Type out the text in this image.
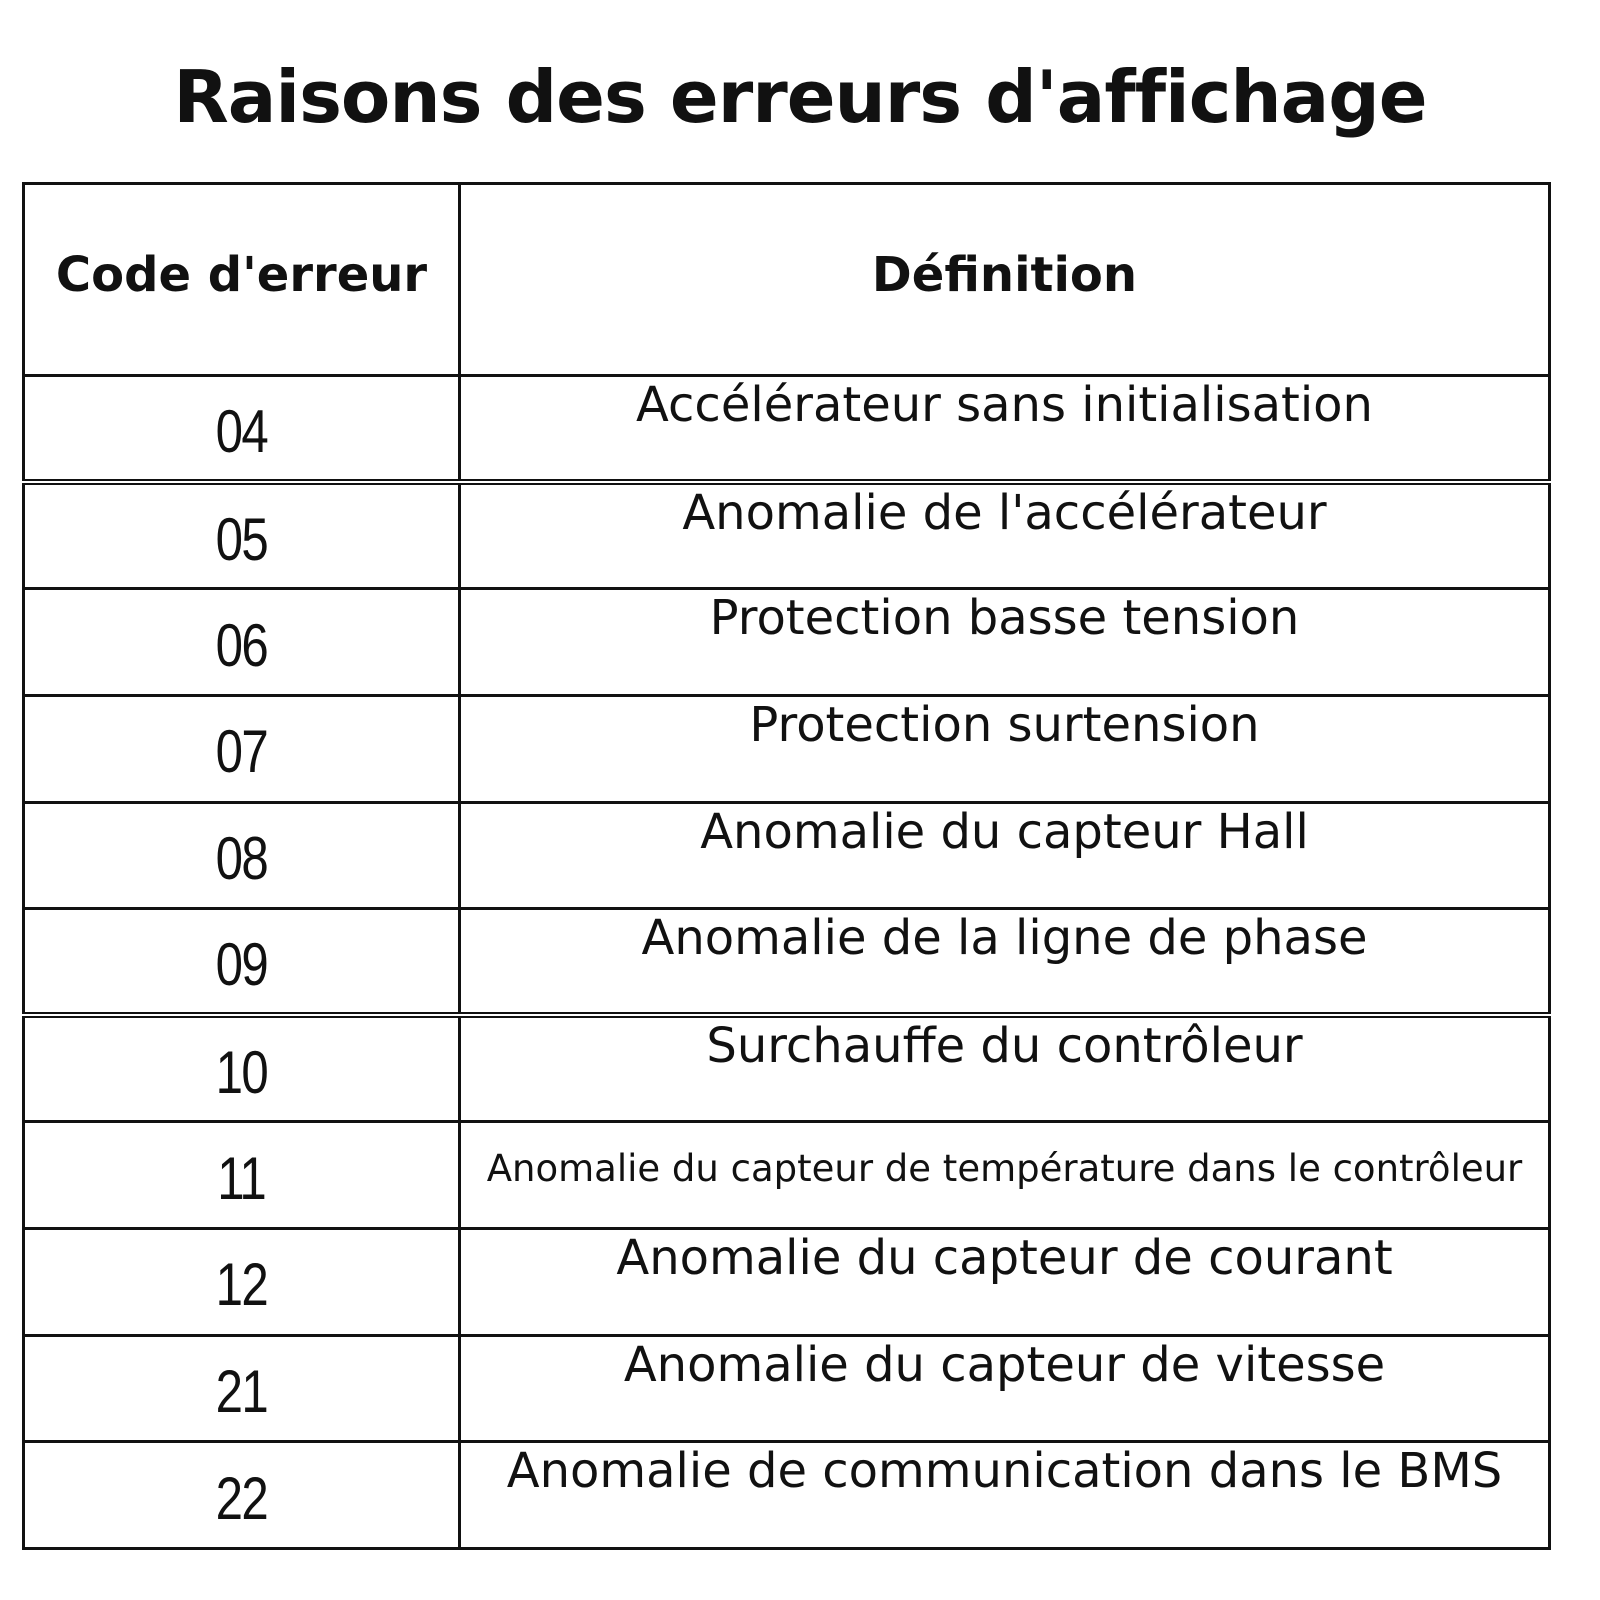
Raisons des erreurs d'affichage
Code d'erreur	Définition
04	Accélérateur sans initialisation
05	Anomalie de l'accélérateur
06	Protection basse tension
07	Protection surtension
08	Anomalie du capteur Hall
09	Anomalie de la ligne de phase
10	Surchauffe du contrôleur
11	Anomalie du capteur de température dans le contrôleur
12	Anomalie du capteur de courant
21	Anomalie du capteur de vitesse
22	Anomalie de communication dans le BMS
